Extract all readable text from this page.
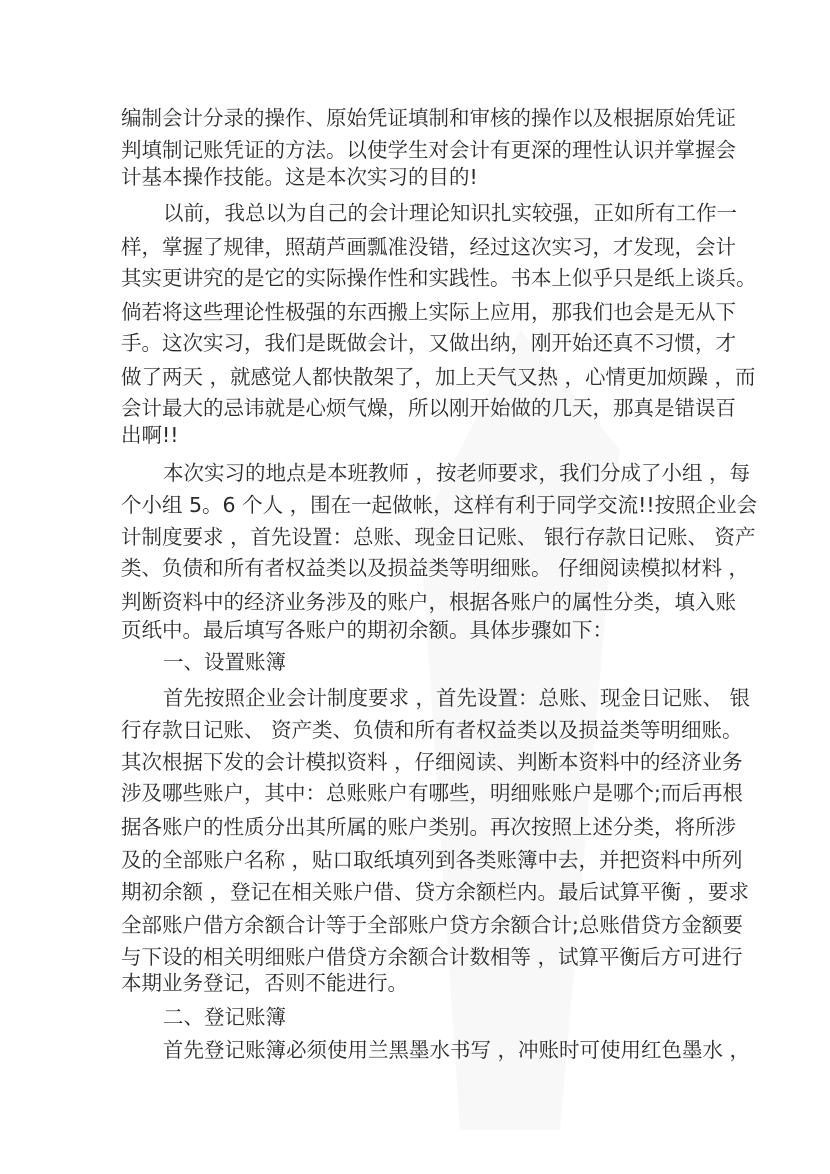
编制会计分录的操作、原始凭证填制和审核的操作以及根据原始凭证
判填制记账凭证的方法。以使学生对会计有更深的理性认识并掌握会
计基本操作技能。这是本次实习的目的!
以前，我总以为自己的会计理论知识扎实较强，正如所有工作一
样，掌握了规律，照葫芦画瓢准没错，经过这次实习，才发现，会计
其实更讲究的是它的实际操作性和实践性。书本上似乎只是纸上谈兵。
倘若将这些理论性极强的东西搬上实际上应用，那我们也会是无从下
手。这次实习，我们是既做会计，又做出纳，刚开始还真不习惯，才
做了两天 ，就感觉人都快散架了，加上天气又热 ，心情更加烦躁 ，而
会计最大的忌讳就是心烦气燥，所以刚开始做的几天，那真是错误百
出啊!!
本次实习的地点是本班教师 ，按老师要求，我们分成了小组 ，每
个小组 5。6 个人 ，围在一起做帐，这样有利于同学交流!!按照企业会
计制度要求 ，首先设置：总账、现金日记账、 银行存款日记账、 资产
类、负债和所有者权益类以及损益类等明细账。 仔细阅读模拟材料 ，
判断资料中的经济业务涉及的账户，根据各账户的属性分类，填入账
页纸中。最后填写各账户的期初余额。具体步骤如下：
一、设置账簿
首先按照企业会计制度要求 ，首先设置：总账、现金日记账、 银
行存款日记账、 资产类、负债和所有者权益类以及损益类等明细账。
其次根据下发的会计模拟资料 ，仔细阅读、判断本资料中的经济业务
涉及哪些账户，其中：总账账户有哪些，明细账账户是哪个;而后再根
据各账户的性质分出其所属的账户类别。再次按照上述分类，将所涉
及的全部账户名称 ，贴口取纸填列到各类账簿中去，并把资料中所列
期初余额 ，登记在相关账户借、贷方余额栏内。最后试算平衡 ，要求
全部账户借方余额合计等于全部账户贷方余额合计;总账借贷方金额要
与下设的相关明细账户借贷方余额合计数相等 ，试算平衡后方可进行
本期业务登记，否则不能进行。
二、登记账簿
首先登记账簿必须使用兰黑墨水书写 ，冲账时可使用红色墨水 ，
